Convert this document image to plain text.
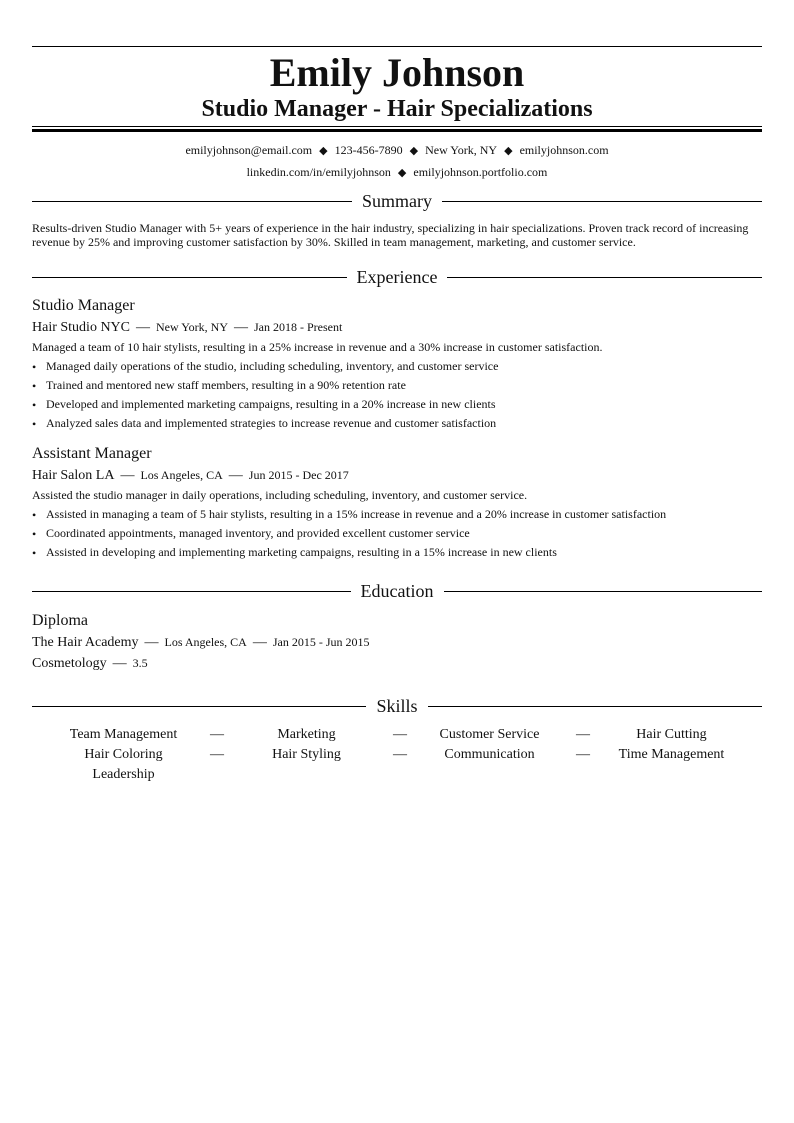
Emily Johnson
Studio Manager - Hair Specializations
emilyjohnson@email.com ◆ 123-456-7890 ◆ New York, NY ◆ emilyjohnson.com
linkedin.com/in/emilyjohnson ◆ emilyjohnson.portfolio.com
Summary
Results-driven Studio Manager with 5+ years of experience in the hair industry, specializing in hair specializations. Proven track record of increasing revenue by 25% and improving customer satisfaction by 30%. Skilled in team management, marketing, and customer service.
Experience
Studio Manager
Hair Studio NYC — New York, NY — Jan 2018 - Present
Managed a team of 10 hair stylists, resulting in a 25% increase in revenue and a 30% increase in customer satisfaction.
• Managed daily operations of the studio, including scheduling, inventory, and customer service
• Trained and mentored new staff members, resulting in a 90% retention rate
• Developed and implemented marketing campaigns, resulting in a 20% increase in new clients
• Analyzed sales data and implemented strategies to increase revenue and customer satisfaction
Assistant Manager
Hair Salon LA — Los Angeles, CA — Jun 2015 - Dec 2017
Assisted the studio manager in daily operations, including scheduling, inventory, and customer service.
• Assisted in managing a team of 5 hair stylists, resulting in a 15% increase in revenue and a 20% increase in customer satisfaction
• Coordinated appointments, managed inventory, and provided excellent customer service
• Assisted in developing and implementing marketing campaigns, resulting in a 15% increase in new clients
Education
Diploma
The Hair Academy — Los Angeles, CA — Jan 2015 - Jun 2015
Cosmetology — 3.5
Skills
Team Management —	Marketing	—	Customer Service	—	Hair Cutting
Hair Coloring	—	Hair Styling	—	Communication	—	Time Management
Leadership
